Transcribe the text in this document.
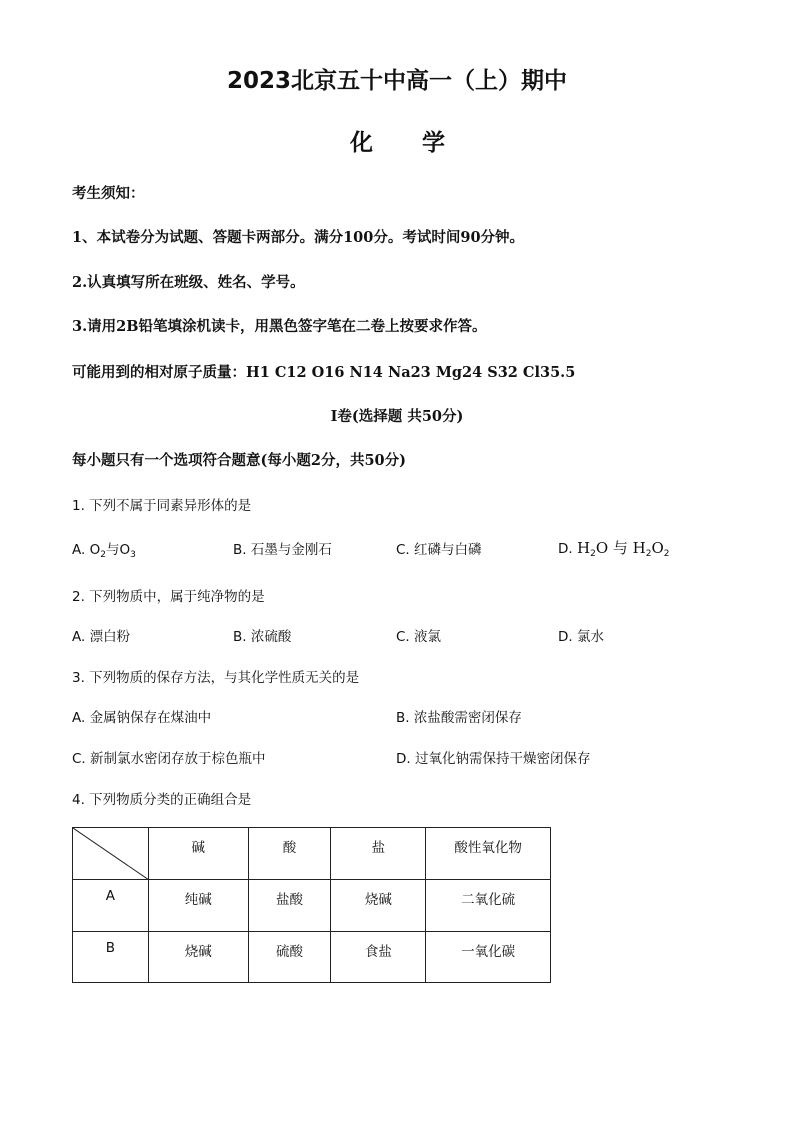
2023北京五十中高一（上）期中
化 学
考生须知：
1、本试卷分为试题、答题卡两部分。满分100分。考试时间90分钟。
2.认真填写所在班级、姓名、学号。
3.请用2B铅笔填涂机读卡，用黑色签字笔在二卷上按要求作答。
可能用到的相对原子质量：H1 C12 O16 N14 Na23 Mg24 S32 Cl35.5
I卷(选择题 共50分)
每小题只有一个选项符合题意(每小题2分，共50分)
1. 下列不属于同素异形体的是
A. $O_2$与$O_3$	B. 石墨与金刚石	C. 红磷与白磷	D. $H_2O$ 与 $H_2O_2$
2. 下列物质中，属于纯净物的是
A. 漂白粉	B. 浓硫酸	C. 液氯	D. 氯水
3. 下列物质的保存方法，与其化学性质无关的是
A. 金属钠保存在煤油中	B. 浓盐酸需密闭保存
C. 新制氯水密闭存放于棕色瓶中	D. 过氧化钠需保持干燥密闭保存
4. 下列物质分类的正确组合是
	碱	酸	盐	酸性氧化物
A	纯碱	盐酸	烧碱	二氧化硫
B	烧碱	硫酸	食盐	一氧化碳
